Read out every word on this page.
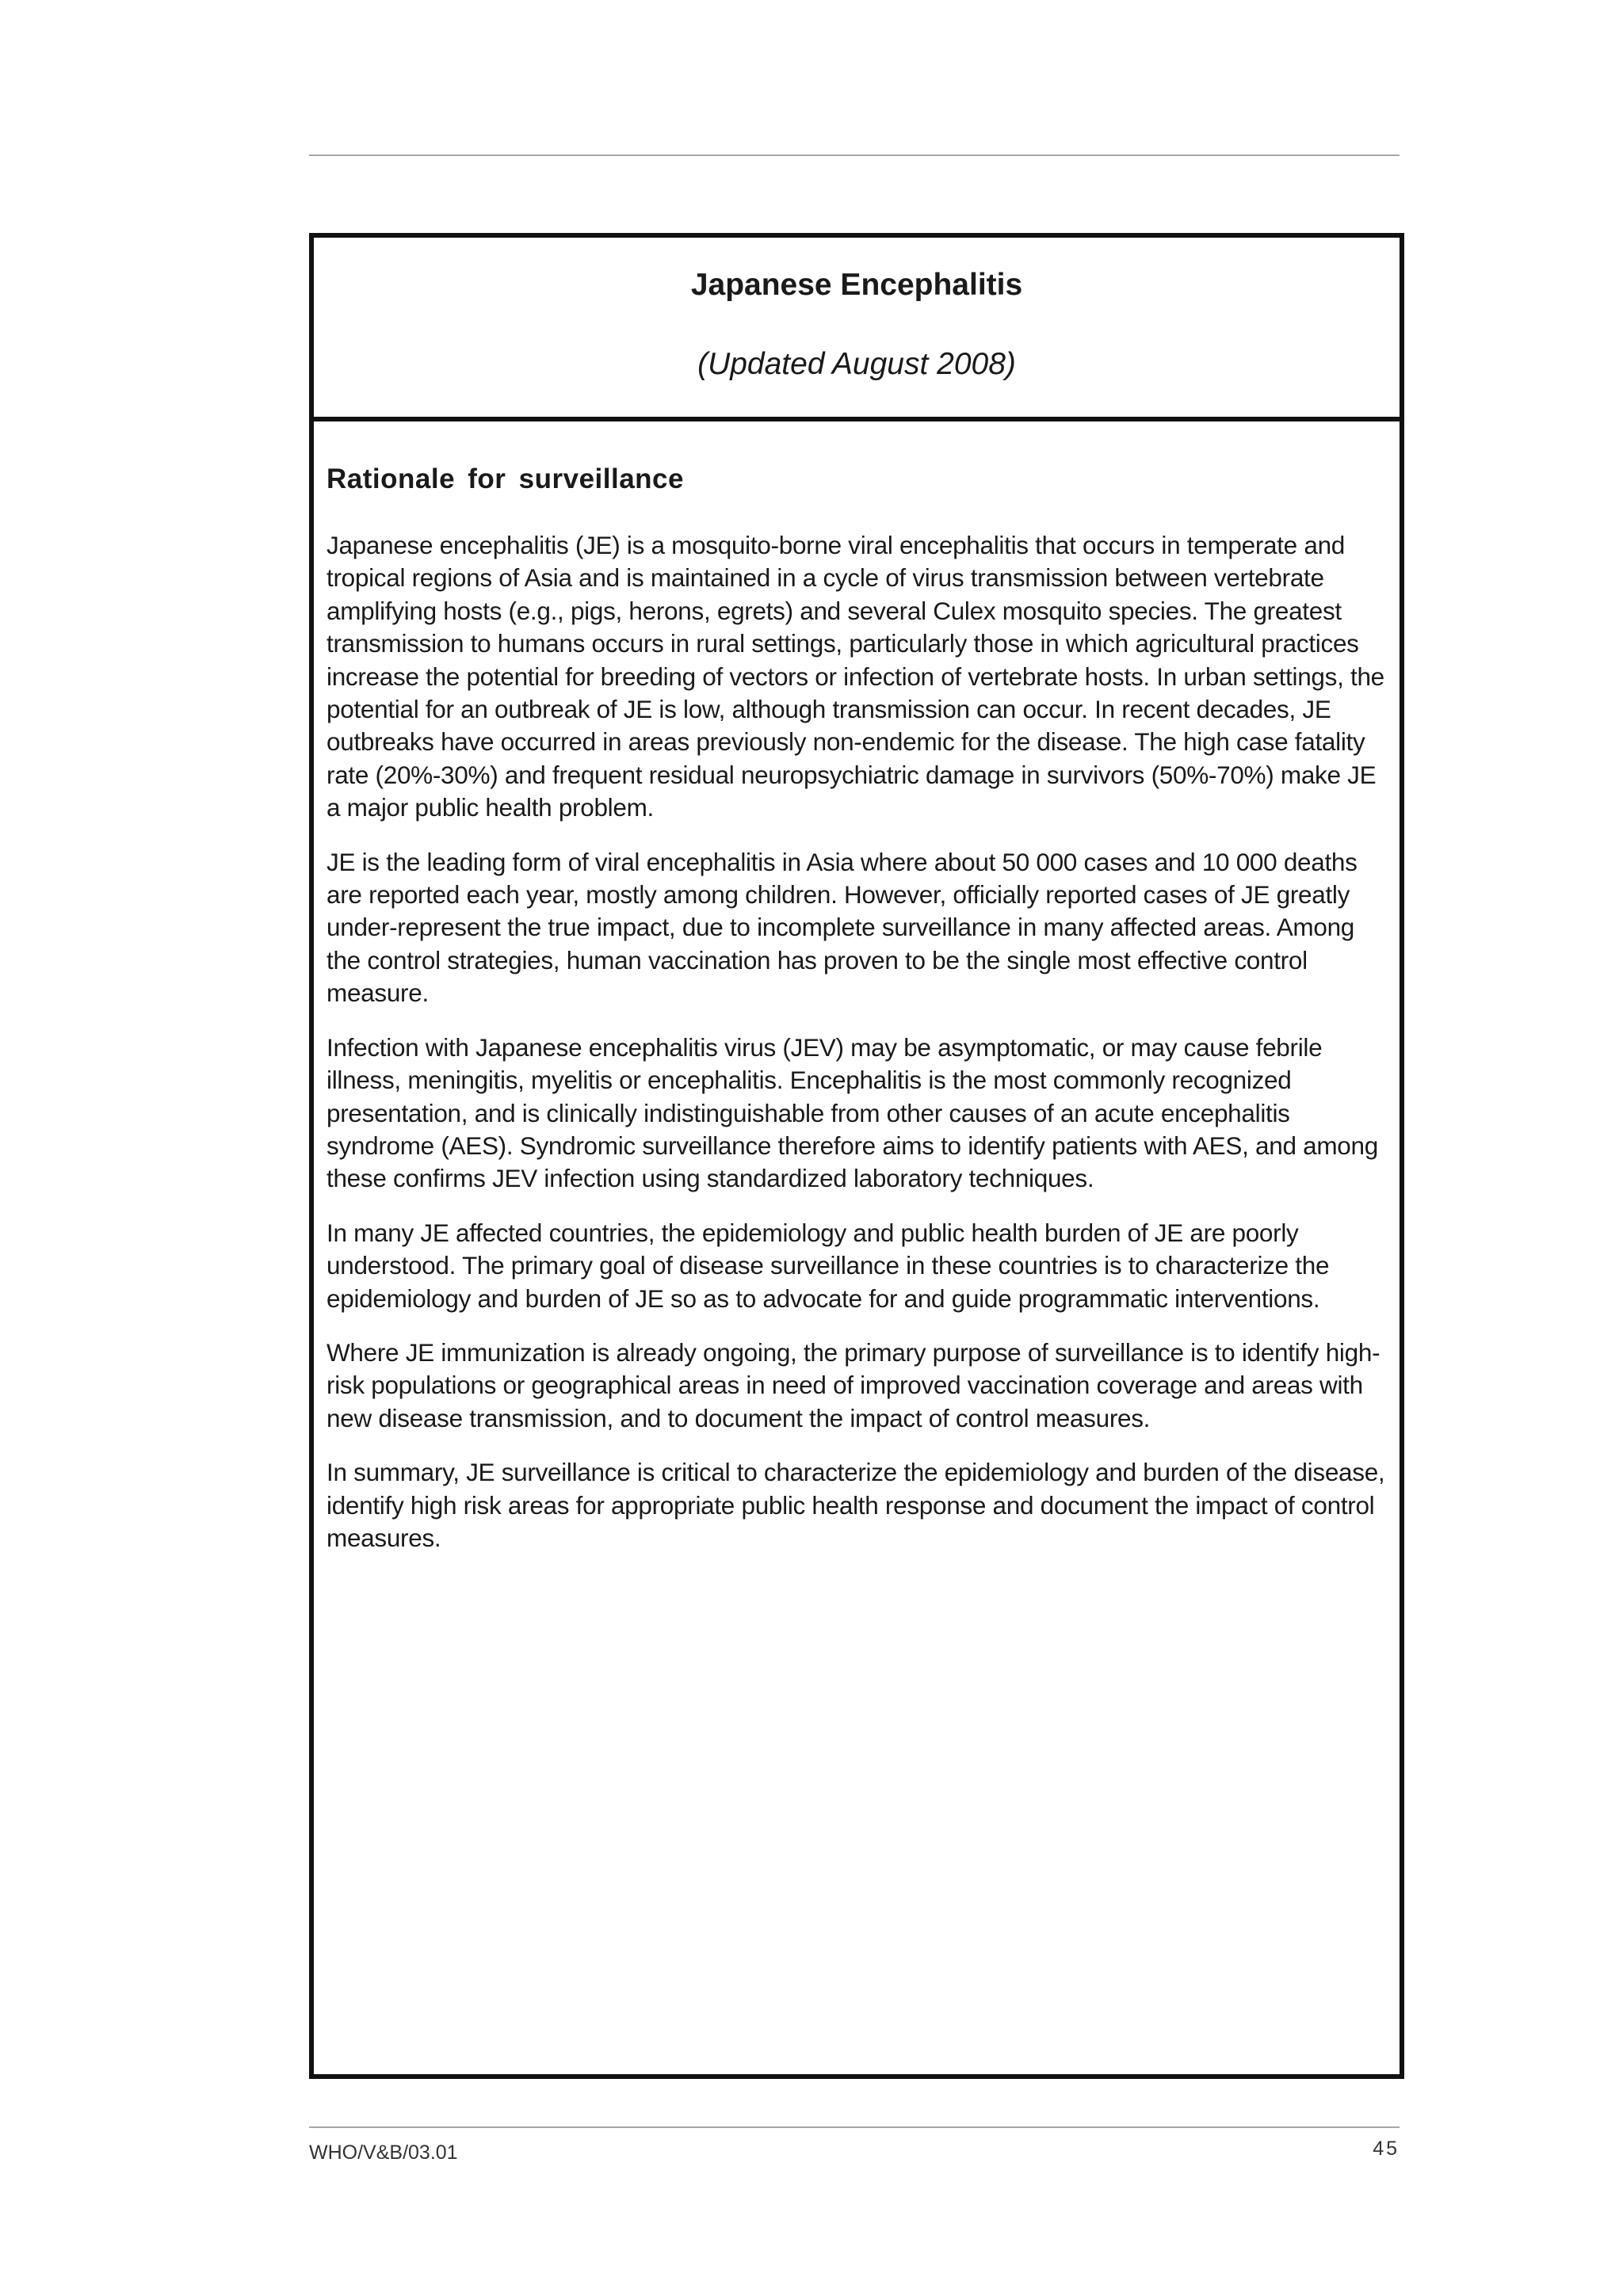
Japanese Encephalitis
(Updated August 2008)
Rationale for surveillance

Japanese encephalitis (JE) is a mosquito-borne viral encephalitis that occurs in temperate and tropical regions of Asia and is maintained in a cycle of virus transmission between vertebrate amplifying hosts (e.g., pigs, herons, egrets) and several Culex mosquito species. The greatest transmission to humans occurs in rural settings, particularly those in which agricultural practices increase the potential for breeding of vectors or infection of vertebrate hosts. In urban settings, the potential for an outbreak of JE is low, although transmission can occur. In recent decades, JE outbreaks have occurred in areas previously non-endemic for the disease. The high case fatality rate (20%-30%) and frequent residual neuropsychiatric damage in survivors (50%-70%) make JE a major public health problem.

JE is the leading form of viral encephalitis in Asia where about 50 000 cases and 10 000 deaths are reported each year, mostly among children. However, officially reported cases of JE greatly under-represent the true impact, due to incomplete surveillance in many affected areas. Among the control strategies, human vaccination has proven to be the single most effective control measure.

Infection with Japanese encephalitis virus (JEV) may be asymptomatic, or may cause febrile illness, meningitis, myelitis or encephalitis. Encephalitis is the most commonly recognized presentation, and is clinically indistinguishable from other causes of an acute encephalitis syndrome (AES). Syndromic surveillance therefore aims to identify patients with AES, and among these confirms JEV infection using standardized laboratory techniques.

In many JE affected countries, the epidemiology and public health burden of JE are poorly understood. The primary goal of disease surveillance in these countries is to characterize the epidemiology and burden of JE so as to advocate for and guide programmatic interventions.

Where JE immunization is already ongoing, the primary purpose of surveillance is to identify high-risk populations or geographical areas in need of improved vaccination coverage and areas with new disease transmission, and to document the impact of control measures.

In summary, JE surveillance is critical to characterize the epidemiology and burden of the disease, identify high risk areas for appropriate public health response and document the impact of control measures.

WHO/V&B/03.01	45
